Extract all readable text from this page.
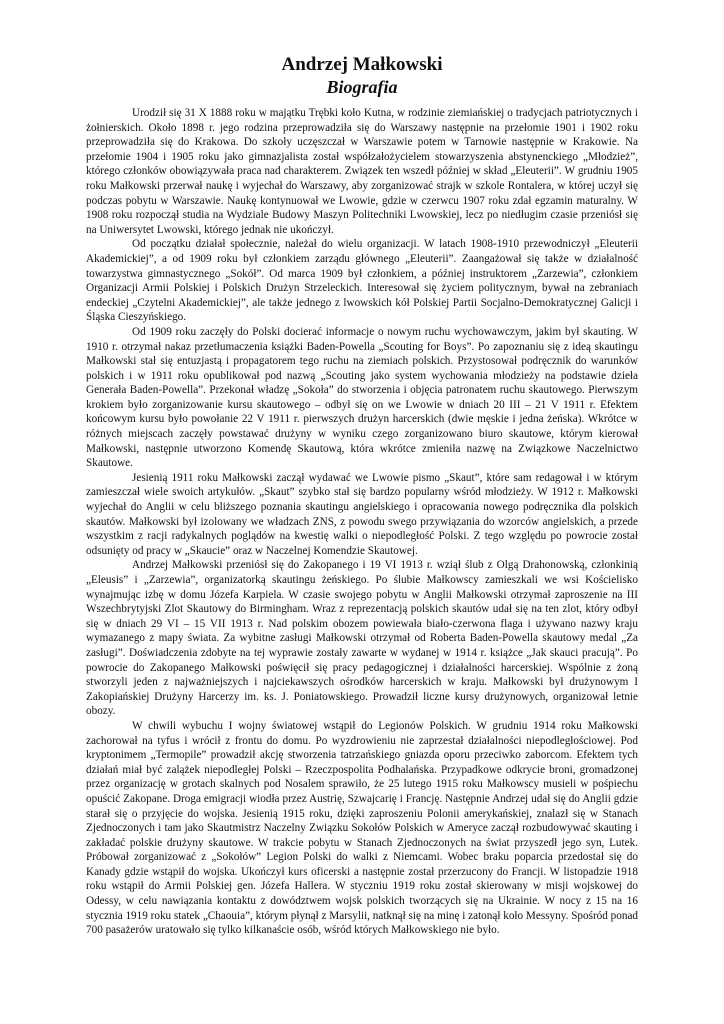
Andrzej Małkowski
Biografia

Urodził się 31 X 1888 roku w majątku Trębki koło Kutna, w rodzinie ziemiańskiej o tradycjach patriotycznych i żołnierskich. Około 1898 r. jego rodzina przeprowadziła się do Warszawy następnie na przełomie 1901 i 1902 roku przeprowadziła się do Krakowa. Do szkoły uczęszczał w Warszawie potem w Tarnowie następnie w Krakowie. Na przełomie 1904 i 1905 roku jako gimnazjalista został współzałożycielem stowarzyszenia abstynenckiego „Młodzież”, którego członków obowiązywała praca nad charakterem. Związek ten wszedł później w skład „Eleuterii”. W grudniu 1905 roku Małkowski przerwał naukę i wyjechał do Warszawy, aby zorganizować strajk w szkole Rontalera, w której uczył się podczas pobytu w Warszawie. Naukę kontynuował we Lwowie, gdzie w czerwcu 1907 roku zdał egzamin maturalny. W 1908 roku rozpoczął studia na Wydziale Budowy Maszyn Politechniki Lwowskiej, lecz po niedługim czasie przeniósł się na Uniwersytet Lwowski, którego jednak nie ukończył.

Od początku działał społecznie, należał do wielu organizacji. W latach 1908-1910 przewodniczył „Eleuterii Akademickiej”, a od 1909 roku był członkiem zarządu głównego „Eleuterii”. Zaangażował się także w działalność towarzystwa gimnastycznego „Sokół”. Od marca 1909 był członkiem, a później instruktorem „Zarzewia”, członkiem Organizacji Armii Polskiej i Polskich Drużyn Strzeleckich. Interesował się życiem politycznym, bywał na zebraniach endeckiej „Czytelni Akademickiej”, ale także jednego z lwowskich kół Polskiej Partii Socjalno-Demokratycznej Galicji i Śląska Cieszyńskiego.

Od 1909 roku zaczęły do Polski docierać informacje o nowym ruchu wychowawczym, jakim był skauting. W 1910 r. otrzymał nakaz przetłumaczenia książki Baden-Powella „Scouting for Boys”. Po zapoznaniu się z ideą skautingu Małkowski stał się entuzjastą i propagatorem tego ruchu na ziemiach polskich. Przystosował podręcznik do warunków polskich i w 1911 roku opublikował pod nazwą „Scouting jako system wychowania młodzieży na podstawie dzieła Generała Baden-Powella”. Przekonał władzę „Sokoła” do stworzenia i objęcia patronatem ruchu skautowego. Pierwszym krokiem było zorganizowanie kursu skautowego – odbył się on we Lwowie w dniach 20 III – 21 V 1911 r. Efektem końcowym kursu było powołanie 22 V 1911 r. pierwszych drużyn harcerskich (dwie męskie i jedna żeńska). Wkrótce w różnych miejscach zaczęły powstawać drużyny w wyniku czego zorganizowano biuro skautowe, którym kierował Małkowski, następnie utworzono Komendę Skautową, która wkrótce zmieniła nazwę na Związkowe Naczelnictwo Skautowe.

Jesienią 1911 roku Małkowski zaczął wydawać we Lwowie pismo „Skaut”, które sam redagował i w którym zamieszczał wiele swoich artykułów. „Skaut” szybko stał się bardzo popularny wśród młodzieży. W 1912 r. Małkowski wyjechał do Anglii w celu bliższego poznania skautingu angielskiego i opracowania nowego podręcznika dla polskich skautów. Małkowski był izolowany we władzach ZNS, z powodu swego przywiązania do wzorców angielskich, a przede wszystkim z racji radykalnych poglądów na kwestię walki o niepodległość Polski. Z tego względu po powrocie został odsunięty od pracy w „Skaucie” oraz w Naczelnej Komendzie Skautowej.

Andrzej Małkowski przeniósł się do Zakopanego i 19 VI 1913 r. wziął ślub z Olgą Drahonowską, członkinią „Eleusis” i „Zarzewia”, organizatorką skautingu żeńskiego. Po ślubie Małkowscy zamieszkali we wsi Kościelisko wynajmując izbę w domu Józefa Karpiela. W czasie swojego pobytu w Anglii Małkowski otrzymał zaproszenie na III Wszechbrytyjski Zlot Skautowy do Birmingham. Wraz z reprezentacją polskich skautów udał się na ten zlot, który odbył się w dniach 29 VI – 15 VII 1913 r. Nad polskim obozem powiewała biało-czerwona flaga i używano nazwy kraju wymazanego z mapy świata. Za wybitne zasługi Małkowski otrzymał od Roberta Baden-Powella skautowy medal „Za zasługi”. Doświadczenia zdobyte na tej wyprawie zostały zawarte w wydanej w 1914 r. książce „Jak skauci pracują”. Po powrocie do Zakopanego Małkowski poświęcił się pracy pedagogicznej i działalności harcerskiej. Wspólnie z żoną stworzyli jeden z najważniejszych i najciekawszych ośrodków harcerskich w kraju. Małkowski był drużynowym I Zakopiańskiej Drużyny Harcerzy im. ks. J. Poniatowskiego. Prowadził liczne kursy drużynowych, organizował letnie obozy.

W chwili wybuchu I wojny światowej wstąpił do Legionów Polskich. W grudniu 1914 roku Małkowski zachorował na tyfus i wrócił z frontu do domu. Po wyzdrowieniu nie zaprzestał działalności niepodległościowej. Pod kryptonimem „Termopile” prowadził akcję stworzenia tatrzańskiego gniazda oporu przeciwko zaborcom. Efektem tych działań miał być zalążek niepodległej Polski – Rzeczpospolita Podhalańska. Przypadkowe odkrycie broni, gromadzonej przez organizację w grotach skalnych pod Nosalem sprawiło, że 25 lutego 1915 roku Małkowscy musieli w pośpiechu opuścić Zakopane. Droga emigracji wiodła przez Austrię, Szwajcarię i Francję. Następnie Andrzej udał się do Anglii gdzie starał się o przyjęcie do wojska. Jesienią 1915 roku, dzięki zaproszeniu Polonii amerykańskiej, znalazł się w Stanach Zjednoczonych i tam jako Skautmistrz Naczelny Związku Sokołów Polskich w Ameryce zaczął rozbudowywać skauting i zakładać polskie drużyny skautowe. W trakcie pobytu w Stanach Zjednoczonych na świat przyszedł jego syn, Lutek. Próbował zorganizować z „Sokołów” Legion Polski do walki z Niemcami. Wobec braku poparcia przedostał się do Kanady gdzie wstąpił do wojska. Ukończył kurs oficerski a następnie został przerzucony do Francji. W listopadzie 1918 roku wstąpił do Armii Polskiej gen. Józefa Hallera. W styczniu 1919 roku został skierowany w misji wojskowej do Odessy, w celu nawiązania kontaktu z dowództwem wojsk polskich tworzących się na Ukrainie. W nocy z 15 na 16 stycznia 1919 roku statek „Chaouia”, którym płynął z Marsylii, natknął się na minę i zatonął koło Messyny. Spośród ponad 700 pasażerów uratowało się tylko kilkanaście osób, wśród których Małkowskiego nie było.
